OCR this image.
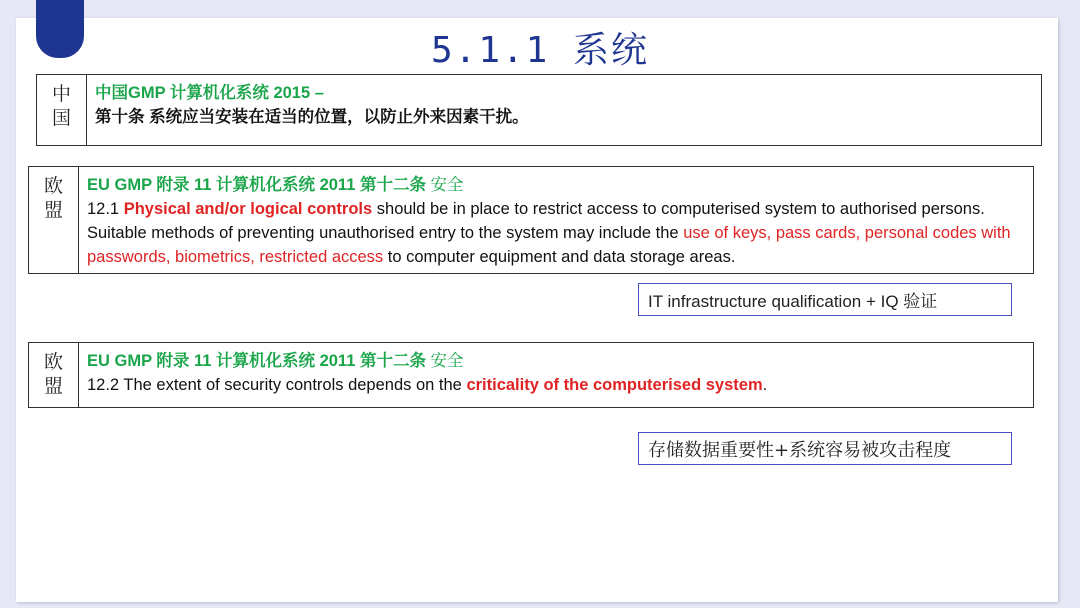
5.1.1 系统
中
国
中国GMP 计算机化系统 2015 –
第十条 系统应当安装在适当的位置，以防止外来因素干扰。
欧
盟
EU GMP 附录 11 计算机化系统 2011 第十二条 安全
12.1 Physical and/or logical controls should be in place to restrict access to computerised system to authorised persons. Suitable methods of preventing unauthorised entry to the system may include the use of keys, pass cards, personal codes with passwords, biometrics, restricted access to computer equipment and data storage areas.
IT infrastructure qualification + IQ 验证
欧
盟
EU GMP 附录 11 计算机化系统 2011 第十二条 安全
12.2 The extent of security controls depends on the criticality of the computerised system.
存储数据重要性+系统容易被攻击程度
